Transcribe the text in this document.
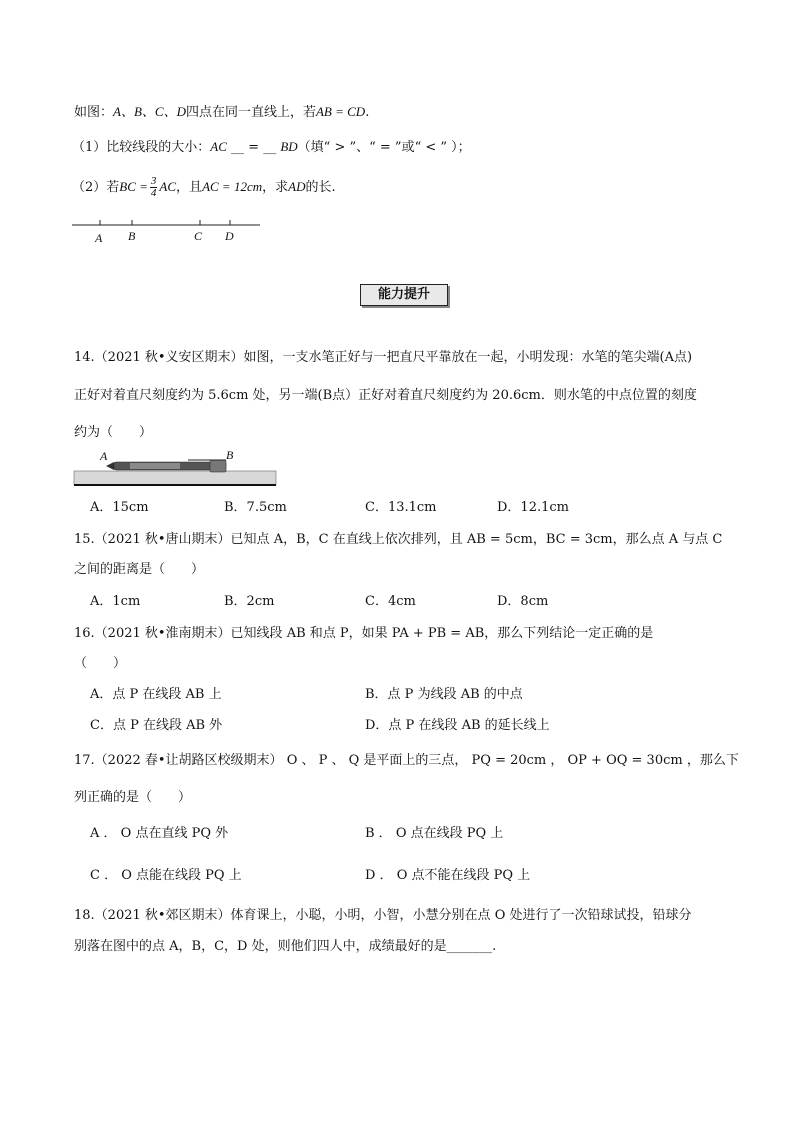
如图：A、B、C、D四点在同一直线上，若AB = CD.
（1）比较线段的大小：AC __ = __ BD（填“ > ”、“ = ”或“ < ” ）；
（2）若BC = $\frac{3}{4}$ AC，且AC = 12cm，求AD的长.
A B	C D
能力提升
14.（2021 秋•义安区期末）如图，一支水笔正好与一把直尺平靠放在一起，小明发现：水笔的笔尖端(A点)
正好对着直尺刻度约为 5.6cm 处，另一端(B点）正好对着直尺刻度约为 20.6cm．则水笔的中点位置的刻度
约为（　　）
A	B
A．15cm	B．7.5cm	C．13.1cm	D．12.1cm
15.（2021 秋•唐山期末）已知点 A，B，C 在直线上依次排列，且 AB = 5cm，BC = 3cm，那么点 A 与点 C
之间的距离是（　　）
A．1cm	B．2cm	C．4cm	D．8cm
16.（2021 秋•淮南期末）已知线段 AB 和点 P，如果 PA + PB = AB，那么下列结论一定正确的是
（　　）
A．点 P 在线段 AB 上	B．点 P 为线段 AB 的中点
C．点 P 在线段 AB 外	D．点 P 在线段 AB 的延长线上
17.（2022 春•让胡路区校级期末） O 、 P 、 Q 是平面上的三点， PQ = 20cm ， OP + OQ = 30cm ，那么下
列正确的是（　　）
A ． O 点在直线 PQ 外	B ． O 点在线段 PQ 上
C ． O 点能在线段 PQ 上	D ． O 点不能在线段 PQ 上
18.（2021 秋•郊区期末）体育课上，小聪，小明，小智，小慧分别在点 O 处进行了一次铅球试投，铅球分
别落在图中的点 A，B，C，D 处，则他们四人中，成绩最好的是_______.
